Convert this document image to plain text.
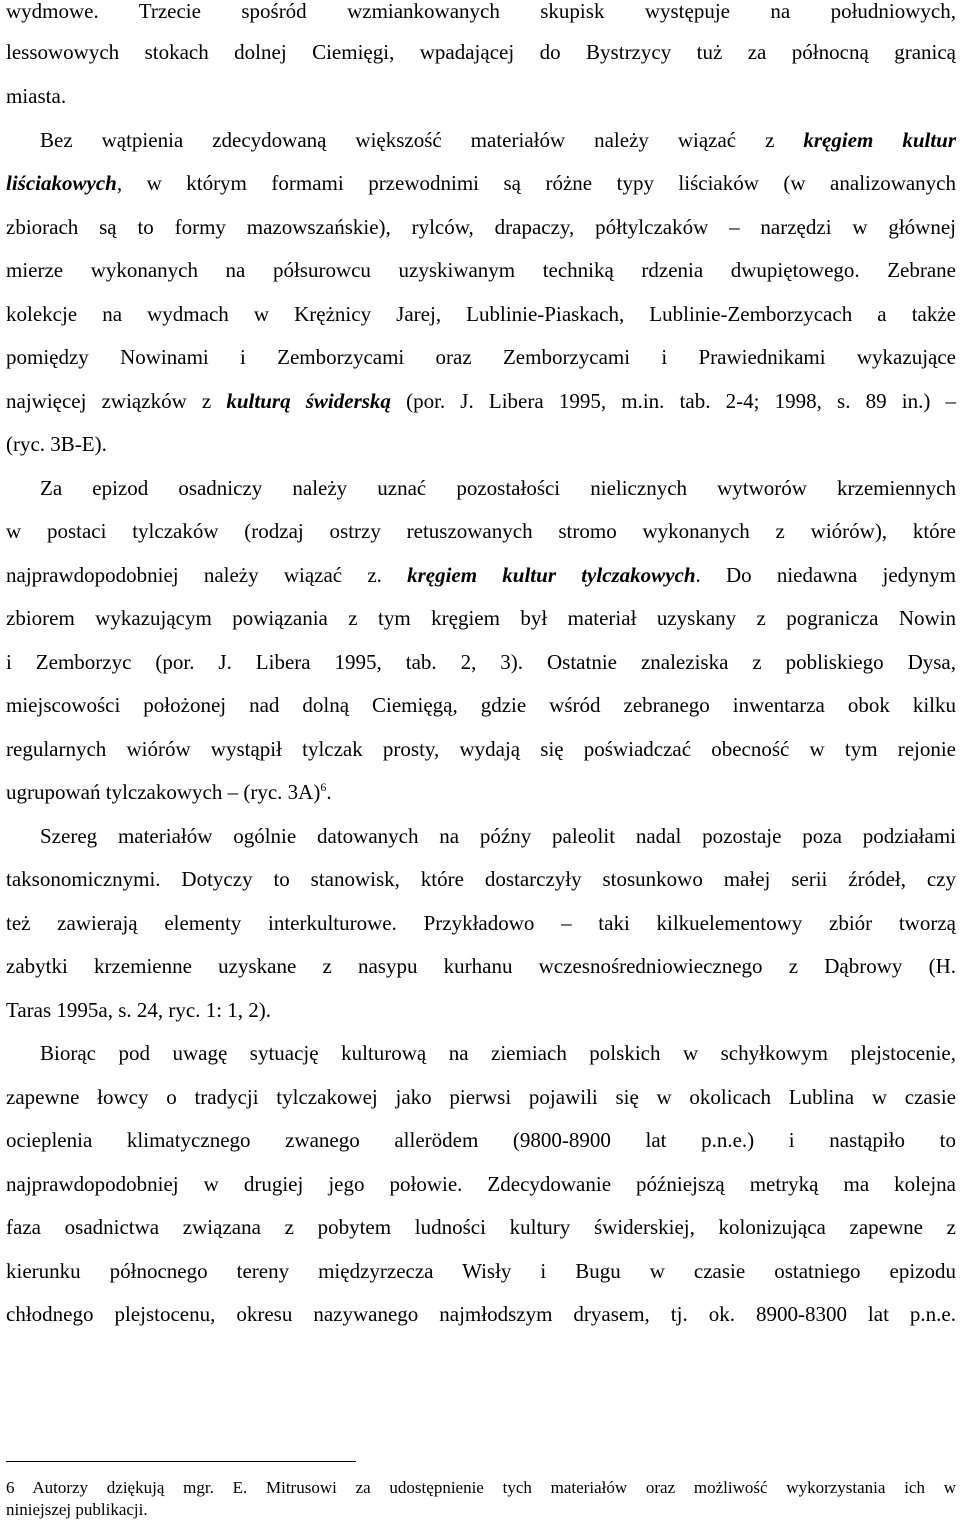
wydmowe. Trzecie spośród wzmiankowanych skupisk występuje na południowych,
lessowowych stokach dolnej Ciemięgi, wpadającej do Bystrzycy tuż za północną granicą
miasta.
Bez wątpienia zdecydowaną większość materiałów należy wiązać z kręgiem kultur
liściakowych, w którym formami przewodnimi są różne typy liściaków (w analizowanych
zbiorach są to formy mazowszańskie), rylców, drapaczy, półtylczaków – narzędzi w głównej
mierze wykonanych na półsurowcu uzyskiwanym techniką rdzenia dwupiętowego. Zebrane
kolekcje na wydmach w Krężnicy Jarej, Lublinie-Piaskach, Lublinie-Zemborzycach a także
pomiędzy Nowinami i Zemborzycami oraz Zemborzycami i Prawiednikami wykazujące
najwięcej związków z kulturą świderską (por. J. Libera 1995, m.in. tab. 2-4; 1998, s. 89 in.) –
(ryc. 3B-E).
Za epizod osadniczy należy uznać pozostałości nielicznych wytworów krzemiennych
w postaci tylczaków (rodzaj ostrzy retuszowanych stromo wykonanych z wiórów), które
najprawdopodobniej należy wiązać z. kręgiem kultur tylczakowych. Do niedawna jedynym
zbiorem wykazującym powiązania z tym kręgiem był materiał uzyskany z pogranicza Nowin
i Zemborzyc (por. J. Libera 1995, tab. 2, 3). Ostatnie znaleziska z pobliskiego Dysa,
miejscowości położonej nad dolną Ciemięgą, gdzie wśród zebranego inwentarza obok kilku
regularnych wiórów wystąpił tylczak prosty, wydają się poświadczać obecność w tym rejonie
ugrupowań tylczakowych – (ryc. 3A)$^6$.
Szereg materiałów ogólnie datowanych na późny paleolit nadal pozostaje poza podziałami
taksonomicznymi. Dotyczy to stanowisk, które dostarczyły stosunkowo małej serii źródeł, czy
też zawierają elementy interkulturowe. Przykładowo – taki kilkuelementowy zbiór tworzą
zabytki krzemienne uzyskane z nasypu kurhanu wczesnośredniowiecznego z Dąbrowy (H.
Taras 1995a, s. 24, ryc. 1: 1, 2).
Biorąc pod uwagę sytuację kulturową na ziemiach polskich w schyłkowym plejstocenie,
zapewne łowcy o tradycji tylczakowej jako pierwsi pojawili się w okolicach Lublina w czasie
ocieplenia klimatycznego zwanego allerödem (9800-8900 lat p.n.e.) i nastąpiło to
najprawdopodobniej w drugiej jego połowie. Zdecydowanie późniejszą metryką ma kolejna
faza osadnictwa związana z pobytem ludności kultury świderskiej, kolonizująca zapewne z
kierunku północnego tereny międzyrzecza Wisły i Bugu w czasie ostatniego epizodu
chłodnego plejstocenu, okresu nazywanego najmłodszym dryasem, tj. ok. 8900-8300 lat p.n.e.
6 Autorzy dziękują mgr. E. Mitrusowi za udostępnienie tych materiałów oraz możliwość wykorzystania ich w
niniejszej publikacji.
